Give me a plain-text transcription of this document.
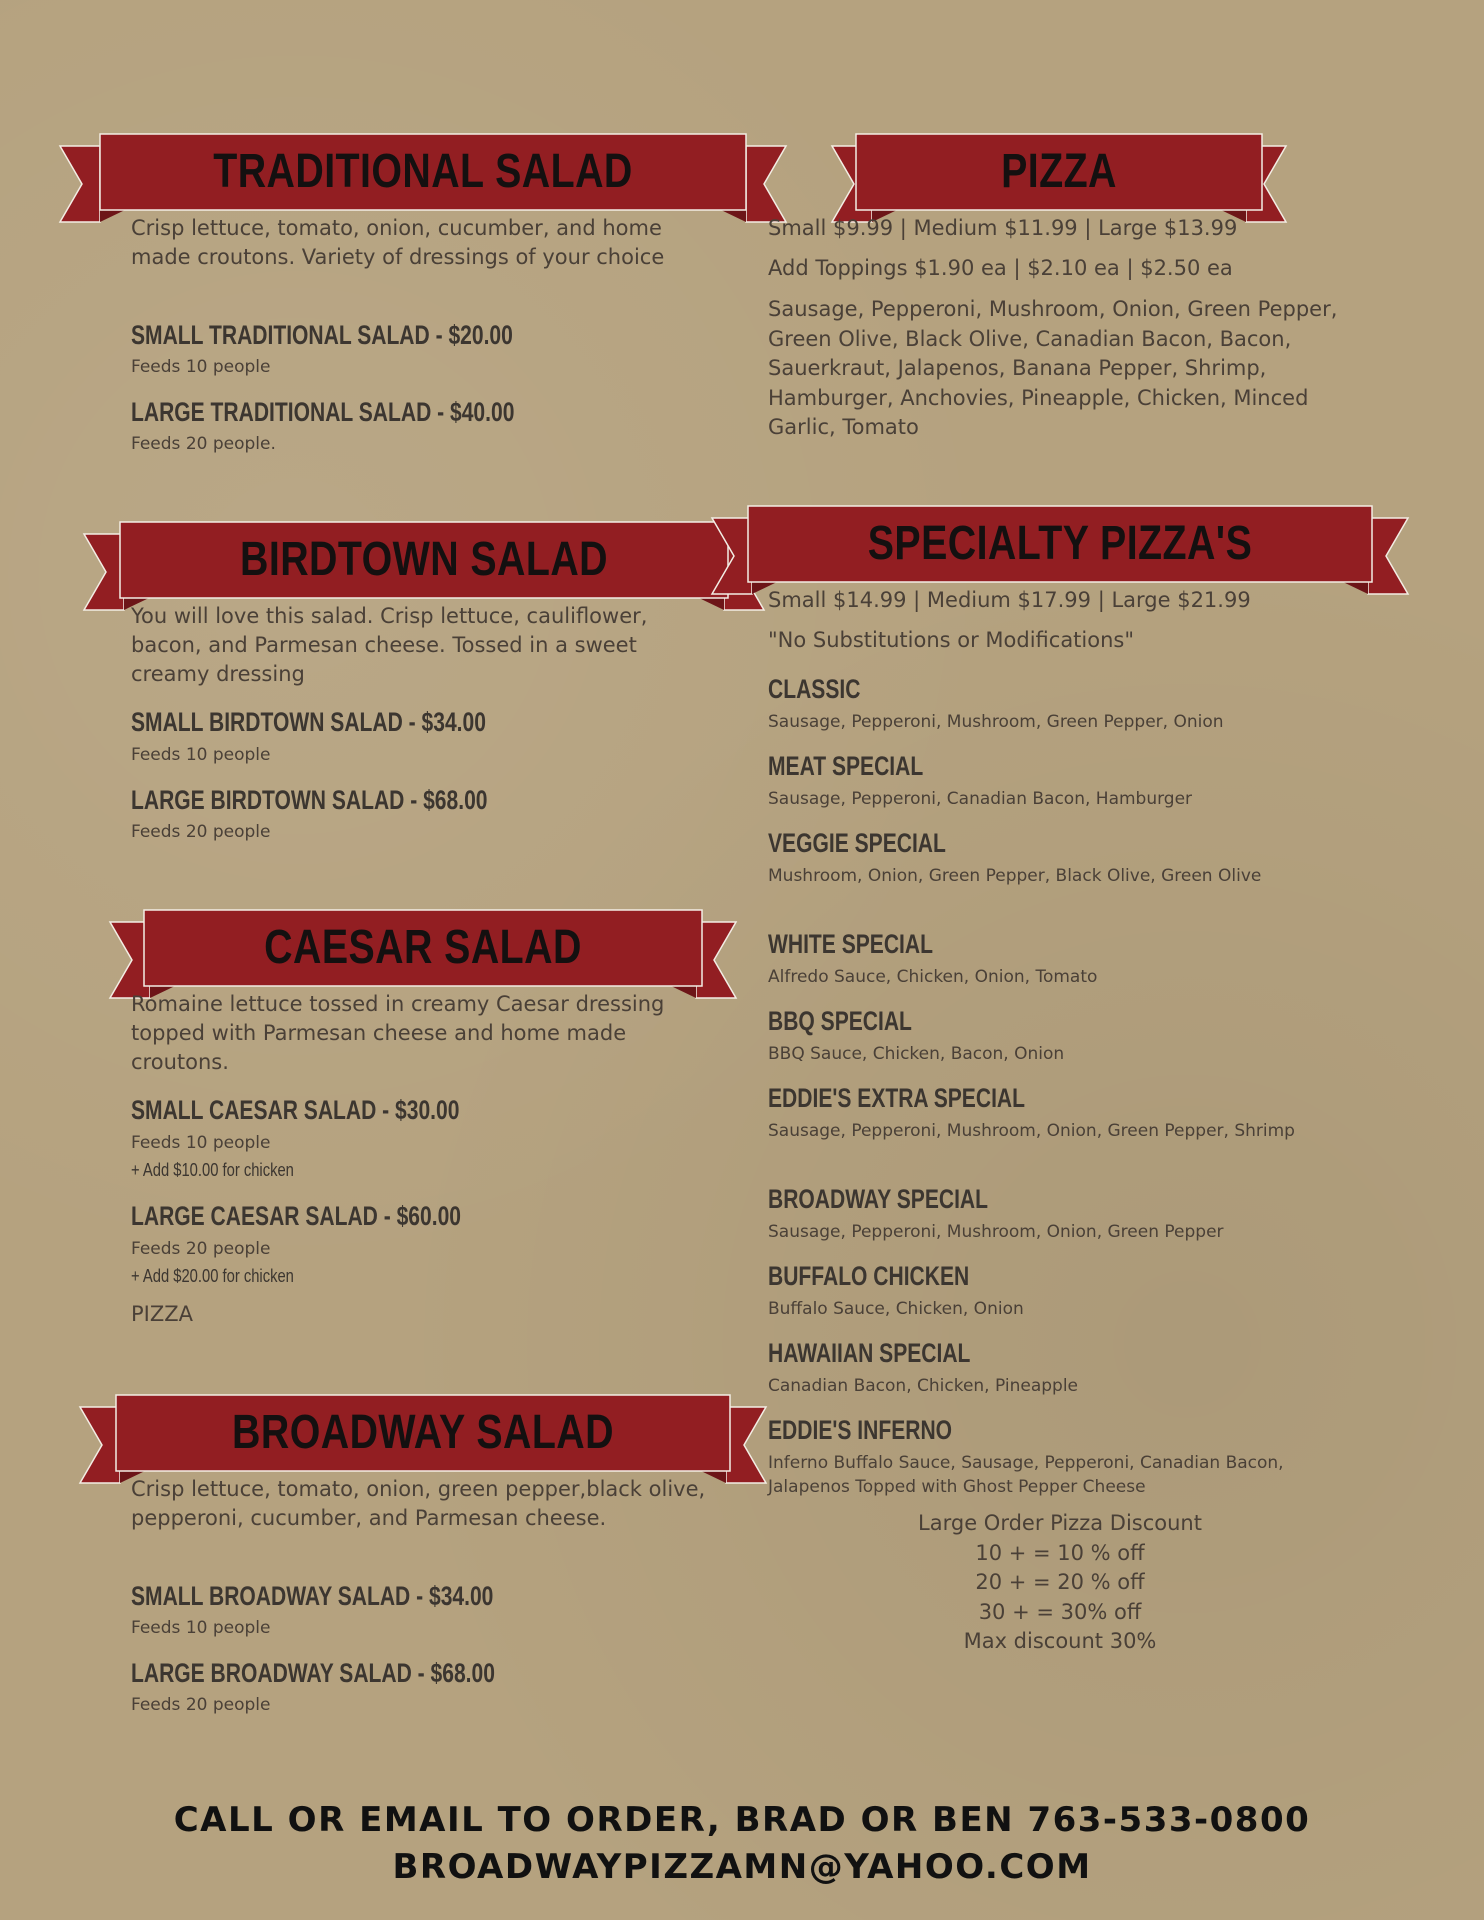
TRADITIONAL SALAD
Crisp lettuce, tomato, onion, cucumber, and home made croutons. Variety of dressings of your choice
SMALL TRADITIONAL SALAD - $20.00
Feeds 10 people
LARGE TRADITIONAL SALAD - $40.00
Feeds 20 people.
BIRDTOWN SALAD
You will love this salad. Crisp lettuce, cauliflower, bacon, and Parmesan cheese. Tossed in a sweet creamy dressing
SMALL BIRDTOWN SALAD - $34.00
Feeds 10 people
LARGE BIRDTOWN SALAD - $68.00
Feeds 20 people
CAESAR SALAD
Romaine lettuce tossed in creamy Caesar dressing topped with Parmesan cheese and home made croutons.
SMALL CAESAR SALAD - $30.00
Feeds 10 people
+ Add $10.00 for chicken
LARGE CAESAR SALAD - $60.00
Feeds 20 people
+ Add $20.00 for chicken
PIZZA
BROADWAY SALAD
Crisp lettuce, tomato, onion, green pepper,black olive, pepperoni, cucumber, and Parmesan cheese.
SMALL BROADWAY SALAD - $34.00
Feeds 10 people
LARGE BROADWAY SALAD - $68.00
Feeds 20 people
PIZZA
Small $9.99 | Medium $11.99 | Large $13.99
Add Toppings $1.90 ea | $2.10 ea | $2.50 ea
Sausage, Pepperoni, Mushroom, Onion, Green Pepper, Green Olive, Black Olive, Canadian Bacon, Bacon, Sauerkraut, Jalapenos, Banana Pepper, Shrimp, Hamburger, Anchovies, Pineapple, Chicken, Minced Garlic, Tomato
SPECIALTY PIZZA'S
Small $14.99 | Medium $17.99 | Large $21.99
"No Substitutions or Modifications"
CLASSIC
Sausage, Pepperoni, Mushroom, Green Pepper, Onion
MEAT SPECIAL
Sausage, Pepperoni, Canadian Bacon, Hamburger
VEGGIE SPECIAL
Mushroom, Onion, Green Pepper, Black Olive, Green Olive
WHITE SPECIAL
Alfredo Sauce, Chicken, Onion, Tomato
BBQ SPECIAL
BBQ Sauce, Chicken, Bacon, Onion
EDDIE'S EXTRA SPECIAL
Sausage, Pepperoni, Mushroom, Onion, Green Pepper, Shrimp
BROADWAY SPECIAL
Sausage, Pepperoni, Mushroom, Onion, Green Pepper
BUFFALO CHICKEN
Buffalo Sauce, Chicken, Onion
HAWAIIAN SPECIAL
Canadian Bacon, Chicken, Pineapple
EDDIE'S INFERNO
Inferno Buffalo Sauce, Sausage, Pepperoni, Canadian Bacon, Jalapenos Topped with Ghost Pepper Cheese
Large Order Pizza Discount
10 + = 10 % off
20 + = 20 % off
30 + = 30% off
Max discount 30%
CALL OR EMAIL TO ORDER, BRAD OR BEN 763-533-0800
BROADWAYPIZZAMN@YAHOO.COM
